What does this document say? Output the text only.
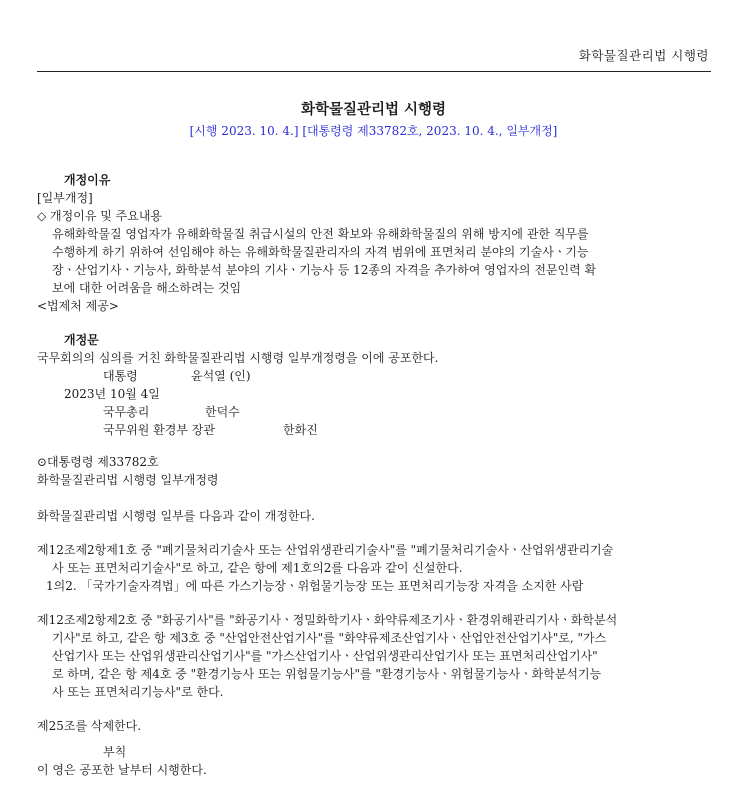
화학물질관리법 시행령
화학물질관리법 시행령
[시행 2023. 10. 4.] [대통령령 제33782호, 2023. 10. 4., 일부개정]
개정이유
[일부개정]
◇ 개정이유 및 주요내용
유해화학물질 영업자가 유해화학물질 취급시설의 안전 확보와 유해화학물질의 위해 방지에 관한 직무를
수행하게 하기 위하여 선임해야 하는 유해화학물질관리자의 자격 범위에 표면처리 분야의 기술사ㆍ기능
장ㆍ산업기사ㆍ기능사, 화학분석 분야의 기사ㆍ기능사 등 12종의 자격을 추가하여 영업자의 전문인력 확
보에 대한 어려움을 해소하려는 것임
<법제처 제공>
개정문
국무회의의 심의를 거친 화학물질관리법 시행령 일부개정령을 이에 공포한다.
대통령	윤석열 (인)
2023년 10월 4일
국무총리	한덕수
국무위원 환경부 장관	한화진
⊙대통령령 제33782호
화학물질관리법 시행령 일부개정령
화학물질관리법 시행령 일부를 다음과 같이 개정한다.
제12조제2항제1호 중 "폐기물처리기술사 또는 산업위생관리기술사"를 "폐기물처리기술사ㆍ산업위생관리기술
사 또는 표면처리기술사"로 하고, 같은 항에 제1호의2를 다음과 같이 신설한다.
1의2. 「국가기술자격법」에 따른 가스기능장ㆍ위험물기능장 또는 표면처리기능장 자격을 소지한 사람
제12조제2항제2호 중 "화공기사"를 "화공기사ㆍ정밀화학기사ㆍ화약류제조기사ㆍ환경위해관리기사ㆍ화학분석
기사"로 하고, 같은 항 제3호 중 "산업안전산업기사"를 "화약류제조산업기사ㆍ산업안전산업기사"로, "가스
산업기사 또는 산업위생관리산업기사"를 "가스산업기사ㆍ산업위생관리산업기사 또는 표면처리산업기사"
로 하며, 같은 항 제4호 중 "환경기능사 또는 위험물기능사"를 "환경기능사ㆍ위험물기능사ㆍ화학분석기능
사 또는 표면처리기능사"로 한다.
제25조를 삭제한다.
부칙
이 영은 공포한 날부터 시행한다.
